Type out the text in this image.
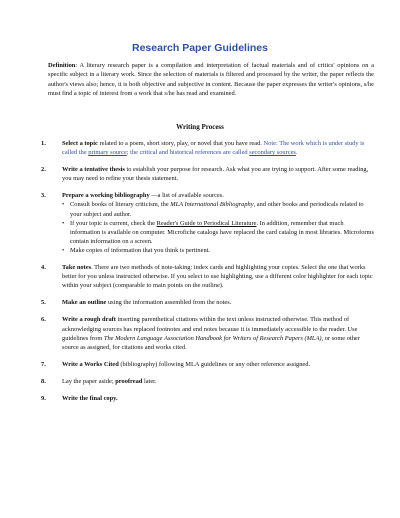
Research Paper Guidelines
Definition: A literary research paper is a compilation and interpretation of factual materials and of critics' opinions on a specific subject in a literary work. Since the selection of materials is filtered and processed by the writer, the paper reflects the author's views also; hence, it is both objective and subjective in content. Because the paper expresses the writer's opinions, s/he must find a topic of interest from a work that s/he has read and examined.
Writing Process
1.	Select a topic related to a poem, short story, play, or novel that you have read. Note: The work which is under study is called the primary source; the critical and historical references are called secondary sources.
2.	Write a tentative thesis to establish your purpose for research. Ask what you are trying to support. After some reading, you may need to refine your thesis statement.
3.	Prepare a working bibliography —a list of available sources.
• Consult books of literary criticism, the MLA International Bibliography, and other books and periodicals related to your subject and author.
• If your topic is current, check the Reader's Guide to Periodical Literature. In addition, remember that much information is available on computer. Microfiche catalogs have replaced the card catalog in most libraries. Microforms contain information on a screen.
• Make copies of information that you think is pertinent.
4.	Take notes. There are two methods of note-taking: index cards and highlighting your copies. Select the one that works better for you unless instructed otherwise. If you select to use highlighting, use a different color highlighter for each topic within your subject (comparable to main points on the outline).
5.	Make an outline using the information assembled from the notes.
6.	Write a rough draft inserting parenthetical citations within the text unless instructed otherwise. This method of acknowledging sources has replaced footnotes and end notes because it is immediately accessible to the reader. Use guidelines from The Modern Language Association Handbook for Writers of Research Papers (MLA), or some other source as assigned, for citations and works cited.
7.	Write a Works Cited (bibliography) following MLA guidelines or any other reference assigned.
8.	Lay the paper aside; proofread later.
9.	Write the final copy.
